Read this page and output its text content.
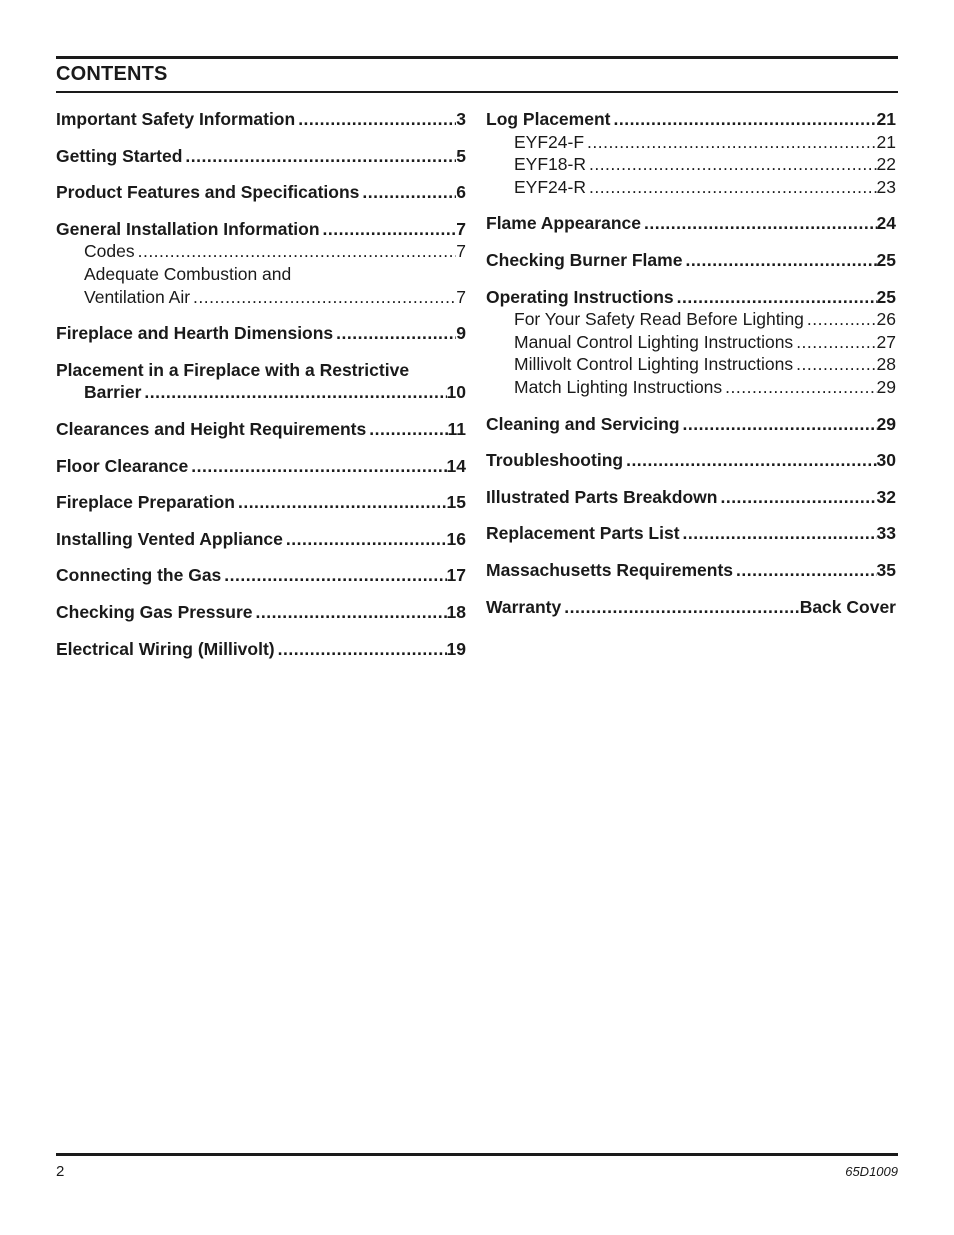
CONTENTS
Important Safety Information .....	3
Getting Started .....	5
Product Features and Specifications .....	6
General Installation Information .....	7
Codes .....	7
Adequate Combustion and
Ventilation Air .....	7
Fireplace and Hearth Dimensions .....	9
Placement in a Fireplace with a Restrictive
Barrier .....	10
Clearances and Height Requirements .....	11
Floor Clearance .....	14
Fireplace Preparation .....	15
Installing Vented Appliance .....	16
Connecting the Gas .....	17
Checking Gas Pressure .....	18
Electrical Wiring (Millivolt) .....	19
Log Placement .....	21
EYF24-F .....	21
EYF18-R .....	22
EYF24-R .....	23
Flame Appearance .....	24
Checking Burner Flame .....	25
Operating Instructions .....	25
For Your Safety Read Before Lighting .....	26
Manual Control Lighting Instructions .....	27
Millivolt Control Lighting Instructions .....	28
Match Lighting Instructions .....	29
Cleaning and Servicing .....	29
Troubleshooting .....	30
Illustrated Parts Breakdown .....	32
Replacement Parts List .....	33
Massachusetts Requirements .....	35
Warranty .....	Back Cover
2	65D1009
